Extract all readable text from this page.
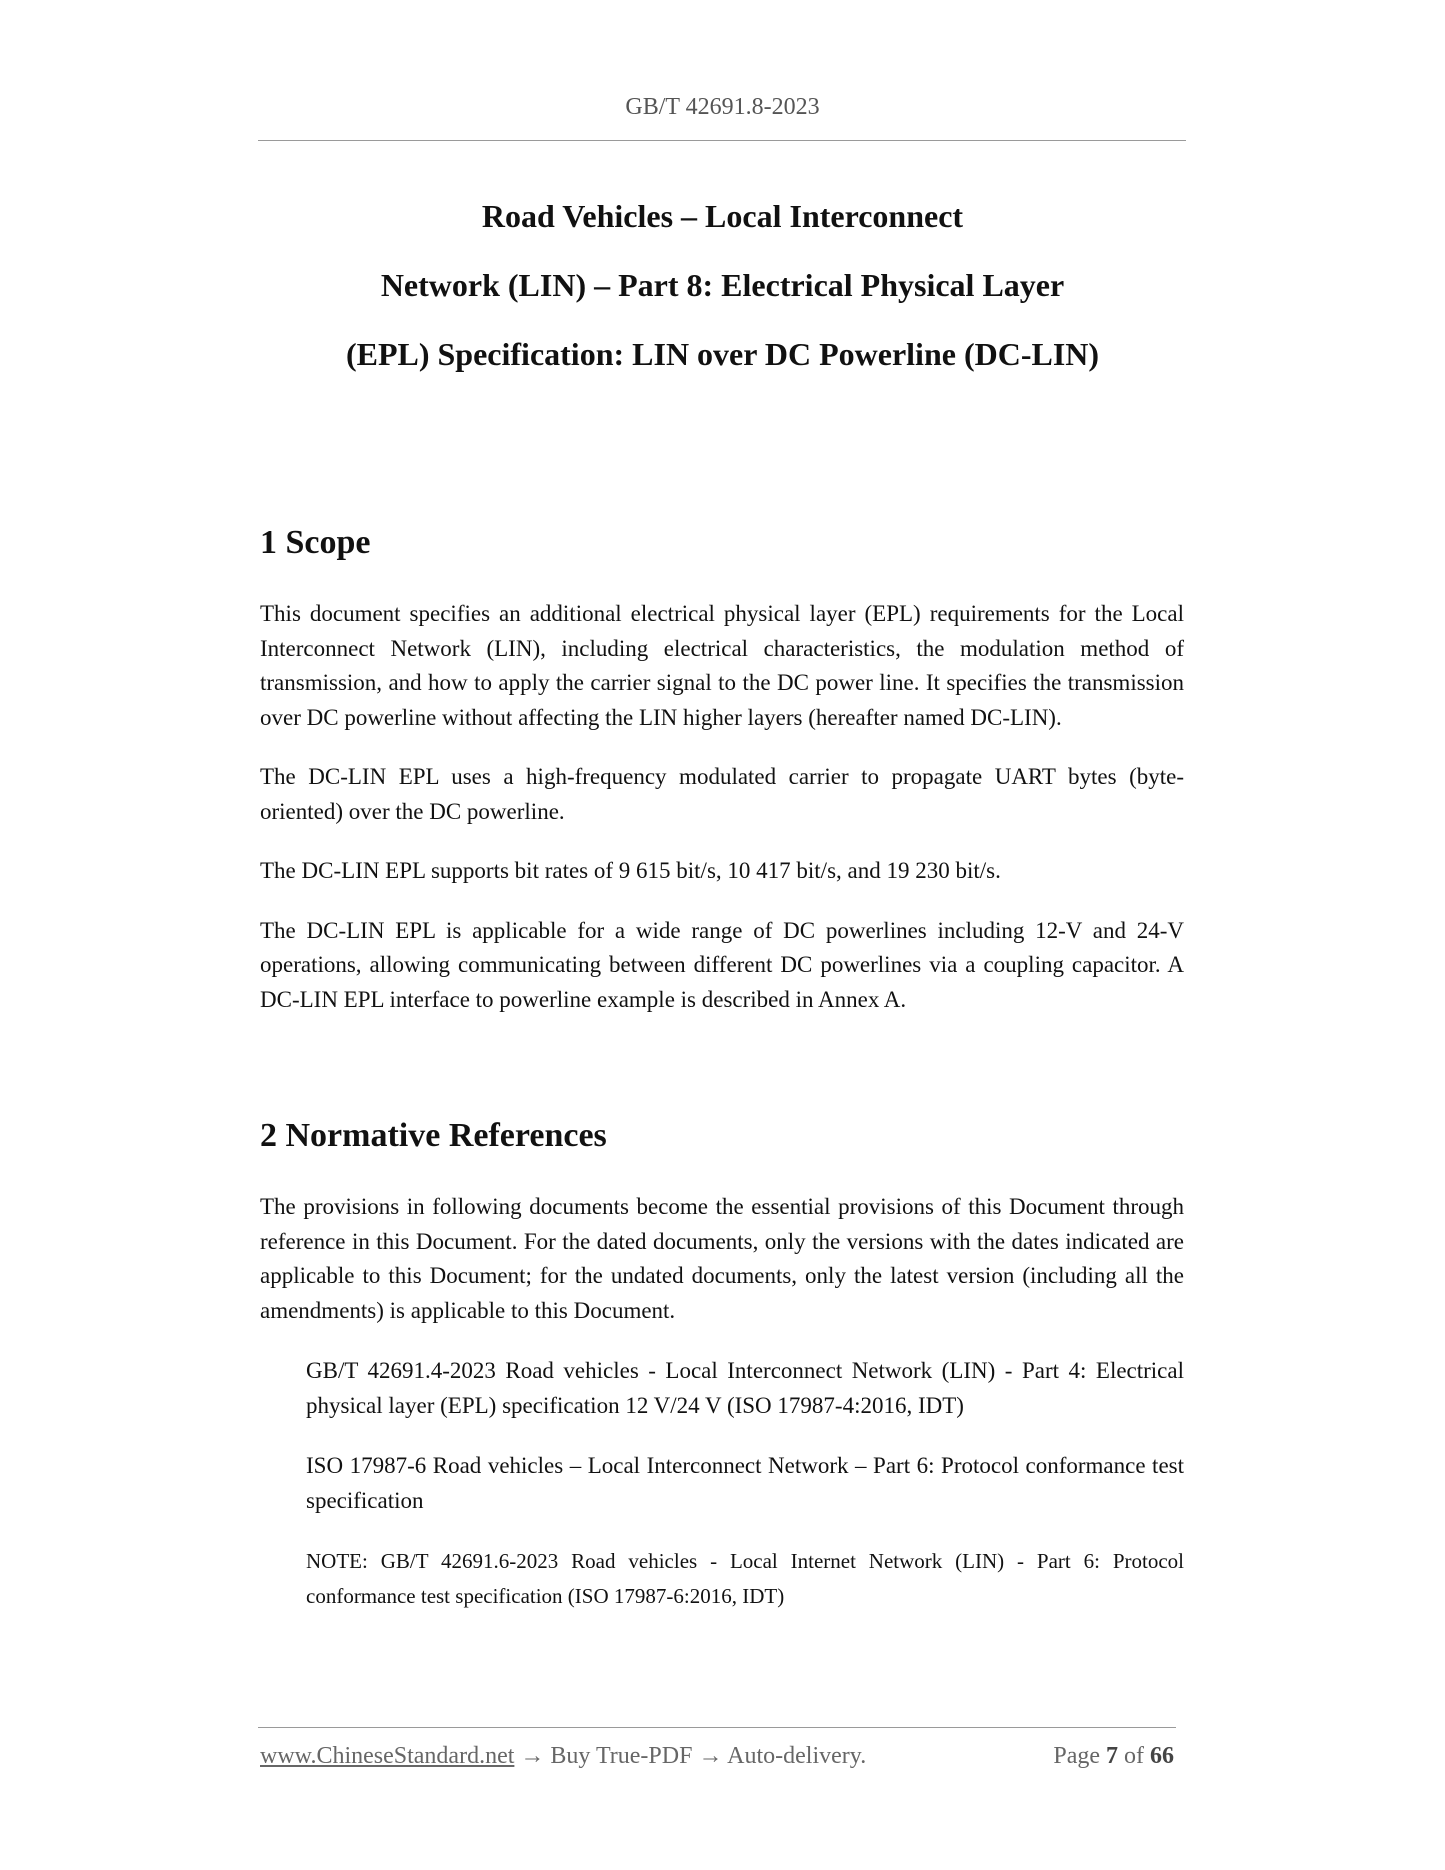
GB/T 42691.8-2023
Road Vehicles – Local Interconnect
Network (LIN) – Part 8: Electrical Physical Layer
(EPL) Specification: LIN over DC Powerline (DC-LIN)
1 Scope

This document specifies an additional electrical physical layer (EPL) requirements for the Local Interconnect Network (LIN), including electrical characteristics, the modulation method of transmission, and how to apply the carrier signal to the DC power line. It specifies the transmission over DC powerline without affecting the LIN higher layers (hereafter named DC-LIN).

The DC-LIN EPL uses a high-frequency modulated carrier to propagate UART bytes (byte-oriented) over the DC powerline.

The DC-LIN EPL supports bit rates of 9 615 bit/s, 10 417 bit/s, and 19 230 bit/s.

The DC-LIN EPL is applicable for a wide range of DC powerlines including 12-V and 24-V operations, allowing communicating between different DC powerlines via a coupling capacitor. A DC-LIN EPL interface to powerline example is described in Annex A.

2 Normative References

The provisions in following documents become the essential provisions of this Document through reference in this Document. For the dated documents, only the versions with the dates indicated are applicable to this Document; for the undated documents, only the latest version (including all the amendments) is applicable to this Document.

GB/T 42691.4-2023 Road vehicles - Local Interconnect Network (LIN) - Part 4: Electrical physical layer (EPL) specification 12 V/24 V (ISO 17987-4:2016, IDT)

ISO 17987-6 Road vehicles – Local Interconnect Network – Part 6: Protocol conformance test specification

NOTE: GB/T 42691.6-2023 Road vehicles - Local Internet Network (LIN) - Part 6: Protocol conformance test specification (ISO 17987-6:2016, IDT)

www.ChineseStandard.net → Buy True-PDF → Auto-delivery.	Page 7 of 66
